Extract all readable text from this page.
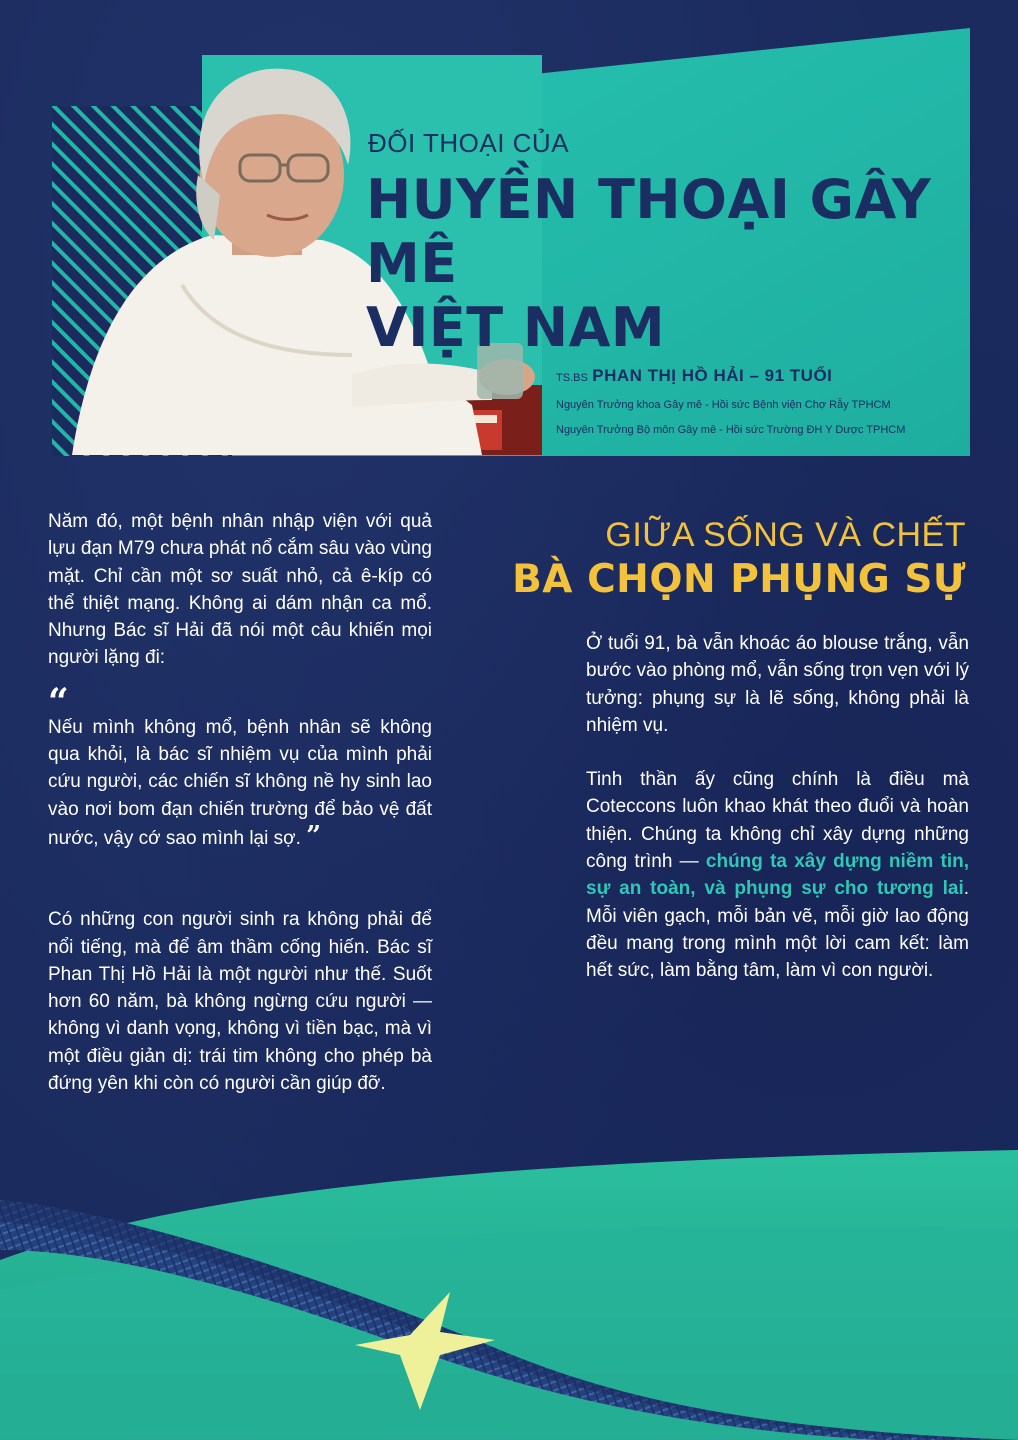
ĐỐI THOẠI CỦA
HUYỀN THOẠI GÂY MÊ
VIỆT NAM
TS.BS PHAN THỊ HỒ HẢI – 91 TUỔI
Nguyên Trưởng khoa Gây mê - Hồi sức Bệnh viện Chợ Rẫy TPHCM
Nguyên Trưởng Bộ môn Gây mê - Hồi sức Trường ĐH Y Dược TPHCM

Năm đó, một bệnh nhân nhập viện với quả lựu đạn M79 chưa phát nổ cắm sâu vào vùng mặt. Chỉ cần một sơ suất nhỏ, cả ê-kíp có thể thiệt mạng. Không ai dám nhận ca mổ. Nhưng Bác sĩ Hải đã nói một câu khiến mọi người lặng đi:

“

Nếu mình không mổ, bệnh nhân sẽ không qua khỏi, là bác sĩ nhiệm vụ của mình phải cứu người, các chiến sĩ không nề hy sinh lao vào nơi bom đạn chiến trường để bảo vệ đất nước, vậy cớ sao mình lại sợ. ”

Có những con người sinh ra không phải để nổi tiếng, mà để âm thầm cống hiến. Bác sĩ Phan Thị Hồ Hải là một người như thế. Suốt hơn 60 năm, bà không ngừng cứu người — không vì danh vọng, không vì tiền bạc, mà vì một điều giản dị: trái tim không cho phép bà đứng yên khi còn có người cần giúp đỡ.

GIỮA SỐNG VÀ CHẾT
BÀ CHỌN PHỤNG SỰ

Ở tuổi 91, bà vẫn khoác áo blouse trắng, vẫn bước vào phòng mổ, vẫn sống trọn vẹn với lý tưởng: phụng sự là lẽ sống, không phải là nhiệm vụ.

Tinh thần ấy cũng chính là điều mà Coteccons luôn khao khát theo đuổi và hoàn thiện. Chúng ta không chỉ xây dựng những công trình — chúng ta xây dựng niềm tin, sự an toàn, và phụng sự cho tương lai. Mỗi viên gạch, mỗi bản vẽ, mỗi giờ lao động đều mang trong mình một lời cam kết: làm hết sức, làm bằng tâm, làm vì con người.
